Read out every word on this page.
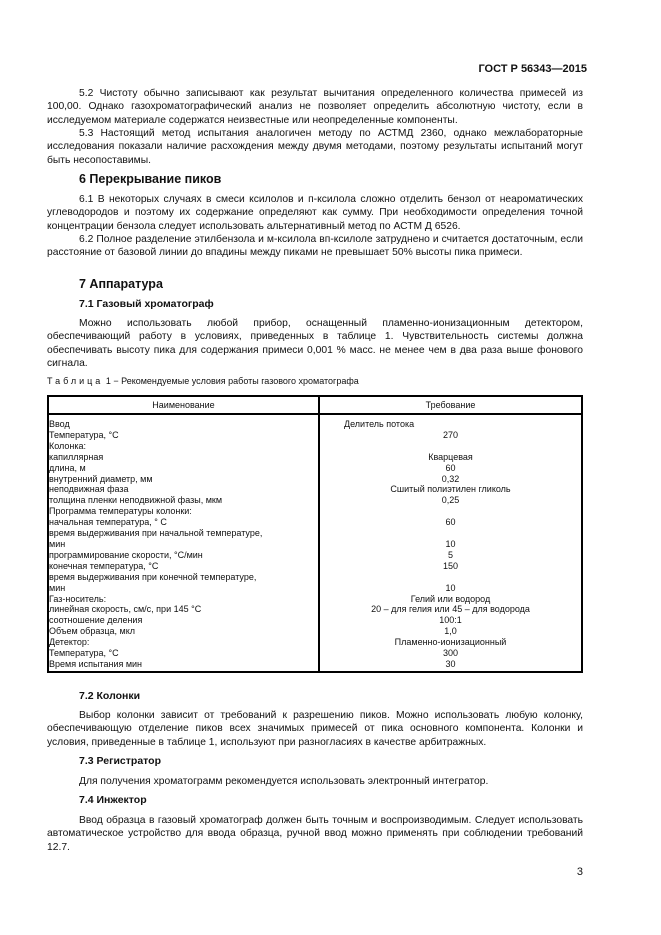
ГОСТ Р 56343—2015

5.2 Чистоту обычно записывают как результат вычитания определенного количества примесей из 100,00. Однако газохроматографический анализ не позволяет определить абсолютную чистоту, если в исследуемом материале содержатся неизвестные или неопределенные компоненты.

5.3 Настоящий метод испытания аналогичен методу по АСТМД 2360, однако межлабораторные исследования показали наличие расхождения между двумя методами, поэтому результаты испытаний могут быть несопоставимы.

6 Перекрывание пиков

6.1 В некоторых случаях в смеси ксилолов и п-ксилола сложно отделить бензол от неароматических углеводородов и поэтому их содержание определяют как сумму. При необходимости определения точной концентрации бензола следует использовать альтернативный метод по АСТМ Д 6526.

6.2 Полное разделение этилбензола и м-ксилола вп-ксилоле затруднено и считается достаточным, если расстояние от базовой линии до впадины между пиками не превышает 50% высоты пика примеси.

7 Аппаратура
7.1 Газовый хроматограф

Можно использовать любой прибор, оснащенный пламенно-ионизационным детектором, обеспечивающий работу в условиях, приведенных в таблице 1. Чувствительность системы должна обеспечивать высоту пика для содержания примеси 0,001 % масс. не менее чем в два раза выше фонового сигнала.

Таблица 1 − Рекомендуемые условия работы газового хроматографа
Наименование	Требование
Ввод	Делитель потока
Температура, °С	270
Колонка:	
капиллярная	Кварцевая
длина, м	60
внутренний диаметр, мм	0,32
неподвижная фаза	Сшитый полиэтилен гликоль
толщина пленки неподвижной фазы, мкм	0,25
Программа температуры колонки:	
начальная температура, ° С	60
время выдерживания при начальной температуре,	
мин	10
программирование скорости, °С/мин	5
конечная температура, °С	150
время выдерживания при конечной температуре,	
мин	10
Газ-носитель:	Гелий или водород
линейная скорость, см/с, при 145 °С	20 – для гелия или 45 – для водорода
соотношение деления	100:1
Объем образца, мкл	1,0
Детектор:	Пламенно-ионизационный
Температура, °С	300
Время испытания мин	30
7.2 Колонки

Выбор колонки зависит от требований к разрешению пиков. Можно использовать любую колонку, обеспечивающую отделение пиков всех значимых примесей от пика основного компонента. Колонки и условия, приведенные в таблице 1, используют при разногласиях в качестве арбитражных.

7.3 Регистратор

Для получения хроматограмм рекомендуется использовать электронный интегратор.

7.4 Инжектор

Ввод образца в газовый хроматограф должен быть точным и воспроизводимым. Следует использовать автоматическое устройство для ввода образца, ручной ввод можно применять при соблюдении требований 12.7.

3
